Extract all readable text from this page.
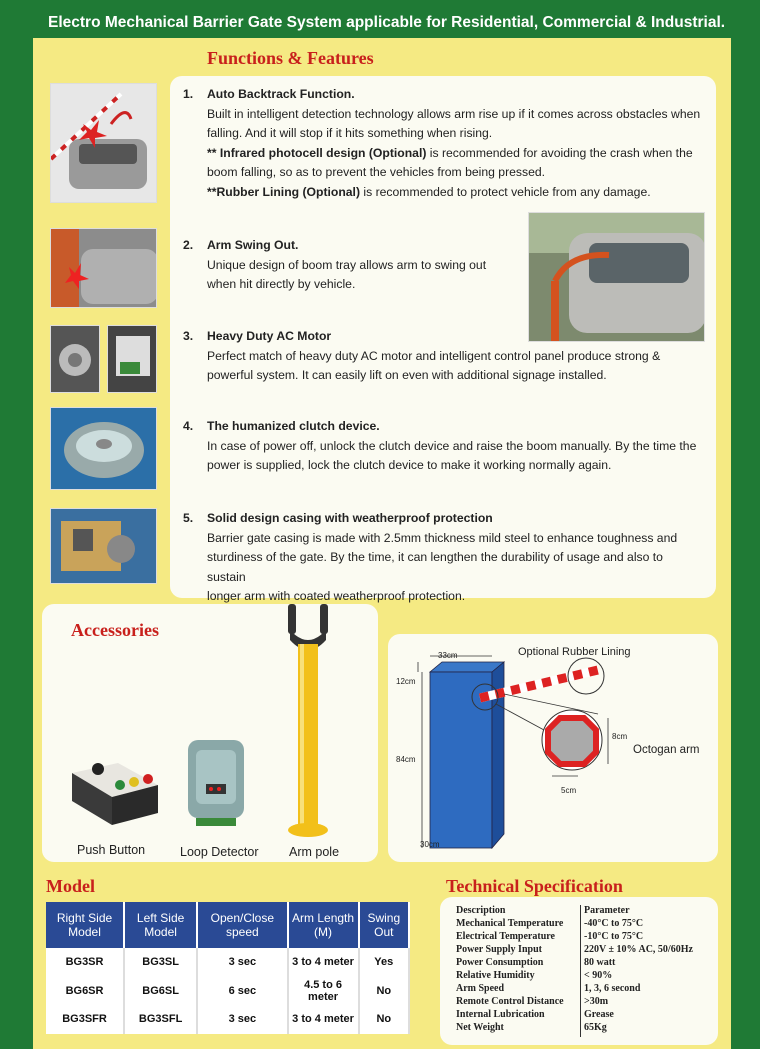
Electro Mechanical Barrier Gate System applicable for Residential, Commercial & Industrial.
Functions & Features
1. Auto Backtrack Function.
Built in intelligent detection technology allows arm rise up if it comes across obstacles when
falling. And it will stop if it hits something when rising.
** Infrared photocell design (Optional) is recommended for avoiding the crash when the
boom falling, so as to prevent the vehicles from being pressed.
**Rubber Lining (Optional) is recommended to protect vehicle from any damage.
2. Arm Swing Out.
Unique design of boom tray allows arm to swing out
when hit directly by vehicle.
3. Heavy Duty AC Motor
Perfect match of heavy duty AC motor and intelligent control panel produce strong &
powerful system. It can easily lift on even with additional signage installed.
4. The humanized clutch device.
In case of power off, unlock the clutch device and raise the boom manually. By the time the
power is supplied, lock the clutch device to make it working normally again.
5. Solid design casing with weatherproof protection
Barrier gate casing is made with 2.5mm thickness mild steel to enhance toughness and
sturdiness of the gate. By the time, it can lengthen the durability of usage and also to sustain
longer arm with coated weatherproof protection.
Accessories
Push Button	Loop Detector Arm pole
33cm
12cm
84cm
30cm
8cm
5cm
Optional Rubber Lining
Octogan arm
Model
Right Side Model	Left Side Model	Open/Close speed	Arm Length (M)	Swing Out
BG3SR	BG3SL	3 sec	3 to 4 meter	Yes
BG6SR	BG6SL	6 sec	4.5 to 6 meter	No
BG3SFR	BG3SFL	3 sec	3 to 4 meter	No
Technical Specification
Description	Parameter
Mechanical Temperature -40°C to 75°C
Electrical Temperature	-10°C to 75°C
Power Supply Input	220V ± 10% AC, 50/60Hz
Power Consumption	80 watt
Relative Humidity	< 90%
Arm Speed	1, 3, 6 second
Remote Control Distance >30m
Internal Lubrication	Grease
Net Weight	65Kg
